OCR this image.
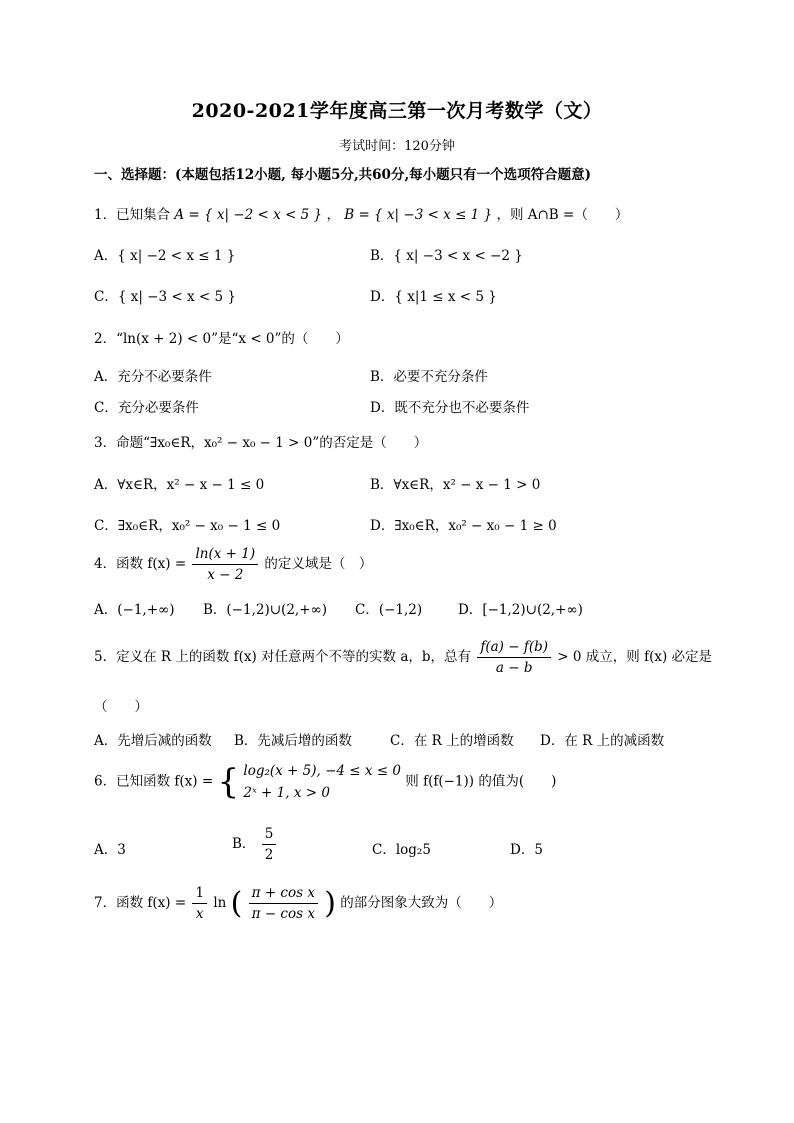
2020-2021学年度高三第一次月考数学（文）
考试时间：120分钟
一、选择题：(本题包括12小题, 每小题5分,共60分,每小题只有一个选项符合题意)
1．已知集合 A = { x| −2 < x < 5 } ， B = { x| −3 < x ≤ 1 } ，则 A∩B =（　　）
A．{ x| −2 < x ≤ 1 }	B．{ x| −3 < x < −2 }
C．{ x| −3 < x < 5 }	D．{ x|1 ≤ x < 5 }
2．“ln(x + 2) < 0”是“x < 0”的（　　）
A．充分不必要条件	B．必要不充分条件
C．充分必要条件	D．既不充分也不必要条件
3．命题“∃x₀∈R，x₀² − x₀ − 1 > 0”的否定是（　　）
A．∀x∈R，x² − x − 1 ≤ 0	B．∀x∈R，x² − x − 1 > 0
C．∃x₀∈R，x₀² − x₀ − 1 ≤ 0	D．∃x₀∈R，x₀² − x₀ − 1 ≥ 0
4．函数 $f(x) = \frac{\ln(x + 1)}{x - 2}$ 的定义域是（　）
A．(−1,+∞) B．(−1,2)∪(2,+∞) C．(−1,2)	D．[−1,2)∪(2,+∞)
5．定义在 R 上的函数 f(x) 对任意两个不等的实数 a，b，总有 $\frac{f(a) - f(b)}{a - b} > 0$ 成立，则 f(x) 必定是
（　　）
A．先增后减的函数 B．先减后增的函数	C．在 R 上的增函数 D．在 R 上的减函数
6．已知函数 f(x) = { log₂(x + 5), −4 ≤ x ≤ 0
2ˣ + 1, x > 0
则 f(f(−1)) 的值为(　　)
A．3	B． $\frac{5}{2}$	C．log₂5	D．5
7．函数 $f(x) = \frac{1}{x}$ ln ( $\frac{\text{π + cos x}}{\text{π − cos x}}$ ) 的部分图象大致为（　　）
